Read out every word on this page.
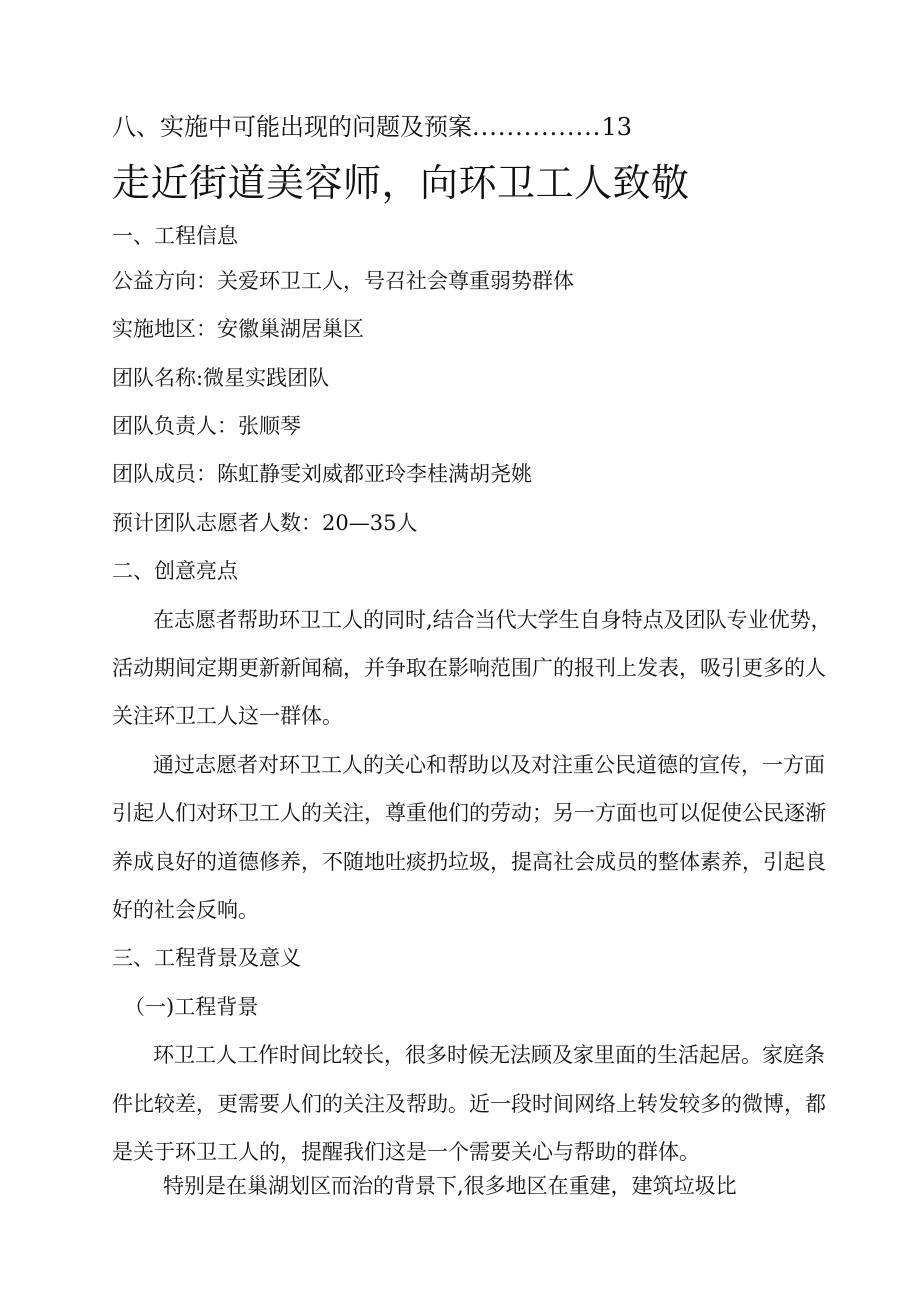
八、实施中可能出现的问题及预案...............13
走近街道美容师，向环卫工人致敬
一、工程信息
公益方向：关爱环卫工人，号召社会尊重弱势群体
实施地区：安徽巢湖居巢区
团队名称:微星实践团队
团队负责人：张顺琴
团队成员：陈虹静雯刘威都亚玲李桂满胡尧姚
预计团队志愿者人数：20—35人
二、创意亮点
在志愿者帮助环卫工人的同时,结合当代大学生自身特点及团队专业优势，
活动期间定期更新新闻稿，并争取在影响范围广的报刊上发表，吸引更多的人
关注环卫工人这一群体。
通过志愿者对环卫工人的关心和帮助以及对注重公民道德的宣传，一方面
引起人们对环卫工人的关注，尊重他们的劳动；另一方面也可以促使公民逐渐
养成良好的道德修养，不随地吐痰扔垃圾，提高社会成员的整体素养，引起良
好的社会反响。
三、工程背景及意义
（一)工程背景
环卫工人工作时间比较长，很多时候无法顾及家里面的生活起居。家庭条
件比较差，更需要人们的关注及帮助。近一段时间网络上转发较多的微博，都
是关于环卫工人的，提醒我们这是一个需要关心与帮助的群体。
特别是在巢湖划区而治的背景下,很多地区在重建，建筑垃圾比
